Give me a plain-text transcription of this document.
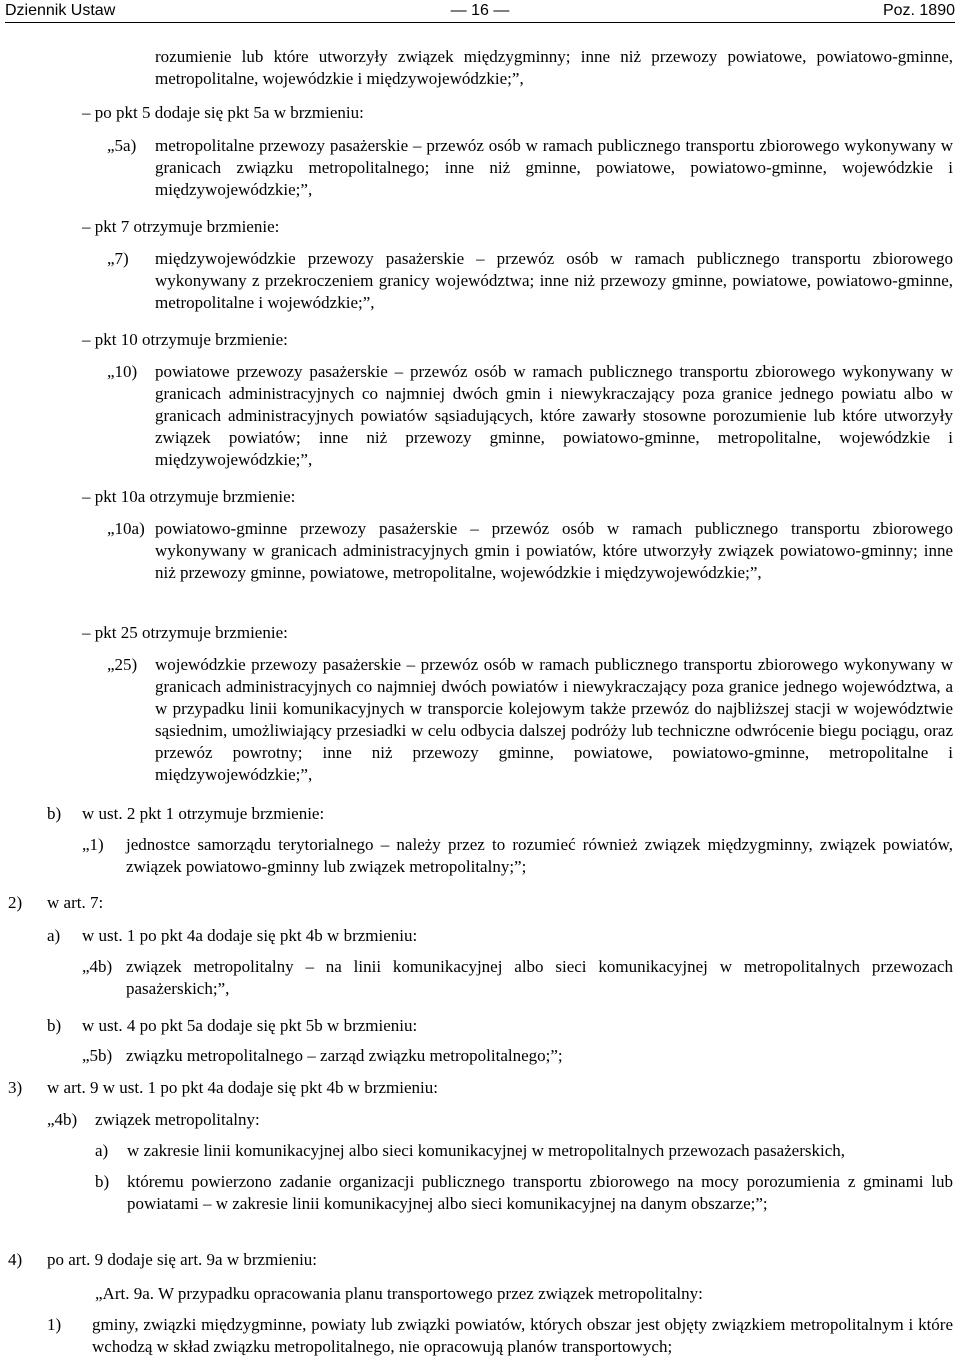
Dziennik Ustaw	— 16 —	Poz. 1890
rozumienie lub które utworzyły związek międzygminny; inne niż przewozy powiatowe, powiatowo-gminne, metropolitalne, wojewódzkie i międzywojewódzkie;”,
– po pkt 5 dodaje się pkt 5a w brzmieniu:
„5a) metropolitalne przewozy pasażerskie – przewóz osób w ramach publicznego transportu zbiorowego wykonywany w granicach związku metropolitalnego; inne niż gminne, powiatowe, powiatowo-gminne, wojewódzkie i międzywojewódzkie;”,
– pkt 7 otrzymuje brzmienie:
„7) międzywojewódzkie przewozy pasażerskie – przewóz osób w ramach publicznego transportu zbiorowego wykonywany z przekroczeniem granicy województwa; inne niż przewozy gminne, powiatowe, powiatowo-gminne, metropolitalne i wojewódzkie;”,
– pkt 10 otrzymuje brzmienie:
„10) powiatowe przewozy pasażerskie – przewóz osób w ramach publicznego transportu zbiorowego wykonywany w granicach administracyjnych co najmniej dwóch gmin i niewykraczający poza granice jednego powiatu albo w granicach administracyjnych powiatów sąsiadujących, które zawarły stosowne porozumienie lub które utworzyły związek powiatów; inne niż przewozy gminne, powiatowo-gminne, metropolitalne, wojewódzkie i międzywojewódzkie;”,
– pkt 10a otrzymuje brzmienie:
„10a) powiatowo-gminne przewozy pasażerskie – przewóz osób w ramach publicznego transportu zbiorowego wykonywany w granicach administracyjnych gmin i powiatów, które utworzyły związek powiatowo-gminny; inne niż przewozy gminne, powiatowe, metropolitalne, wojewódzkie i międzywojewódzkie;”,
– pkt 25 otrzymuje brzmienie:
„25) wojewódzkie przewozy pasażerskie – przewóz osób w ramach publicznego transportu zbiorowego wykonywany w granicach administracyjnych co najmniej dwóch powiatów i niewykraczający poza granice jednego województwa, a w przypadku linii komunikacyjnych w transporcie kolejowym także przewóz do najbliższej stacji w województwie sąsiednim, umożliwiający przesiadki w celu odbycia dalszej podróży lub techniczne odwrócenie biegu pociągu, oraz przewóz powrotny; inne niż przewozy gminne, powiatowe, powiatowo-gminne, metropolitalne i międzywojewódzkie;”,
b) w ust. 2 pkt 1 otrzymuje brzmienie:
„1) jednostce samorządu terytorialnego – należy przez to rozumieć również związek międzygminny, związek powiatów, związek powiatowo-gminny lub związek metropolitalny;”;
2) w art. 7:
a) w ust. 1 po pkt 4a dodaje się pkt 4b w brzmieniu:
„4b) związek metropolitalny – na linii komunikacyjnej albo sieci komunikacyjnej w metropolitalnych przewozach pasażerskich;”,
b) w ust. 4 po pkt 5a dodaje się pkt 5b w brzmieniu:
„5b) związku metropolitalnego – zarząd związku metropolitalnego;”;
3) w art. 9 w ust. 1 po pkt 4a dodaje się pkt 4b w brzmieniu:
„4b) związek metropolitalny:
a) w zakresie linii komunikacyjnej albo sieci komunikacyjnej w metropolitalnych przewozach pasażerskich,
b) któremu powierzono zadanie organizacji publicznego transportu zbiorowego na mocy porozumienia z gminami lub powiatami – w zakresie linii komunikacyjnej albo sieci komunikacyjnej na danym obszarze;”;
4) po art. 9 dodaje się art. 9a w brzmieniu:
„Art. 9a. W przypadku opracowania planu transportowego przez związek metropolitalny:
1) gminy, związki międzygminne, powiaty lub związki powiatów, których obszar jest objęty związkiem metropolitalnym i które wchodzą w skład związku metropolitalnego, nie opracowują planów transportowych;
